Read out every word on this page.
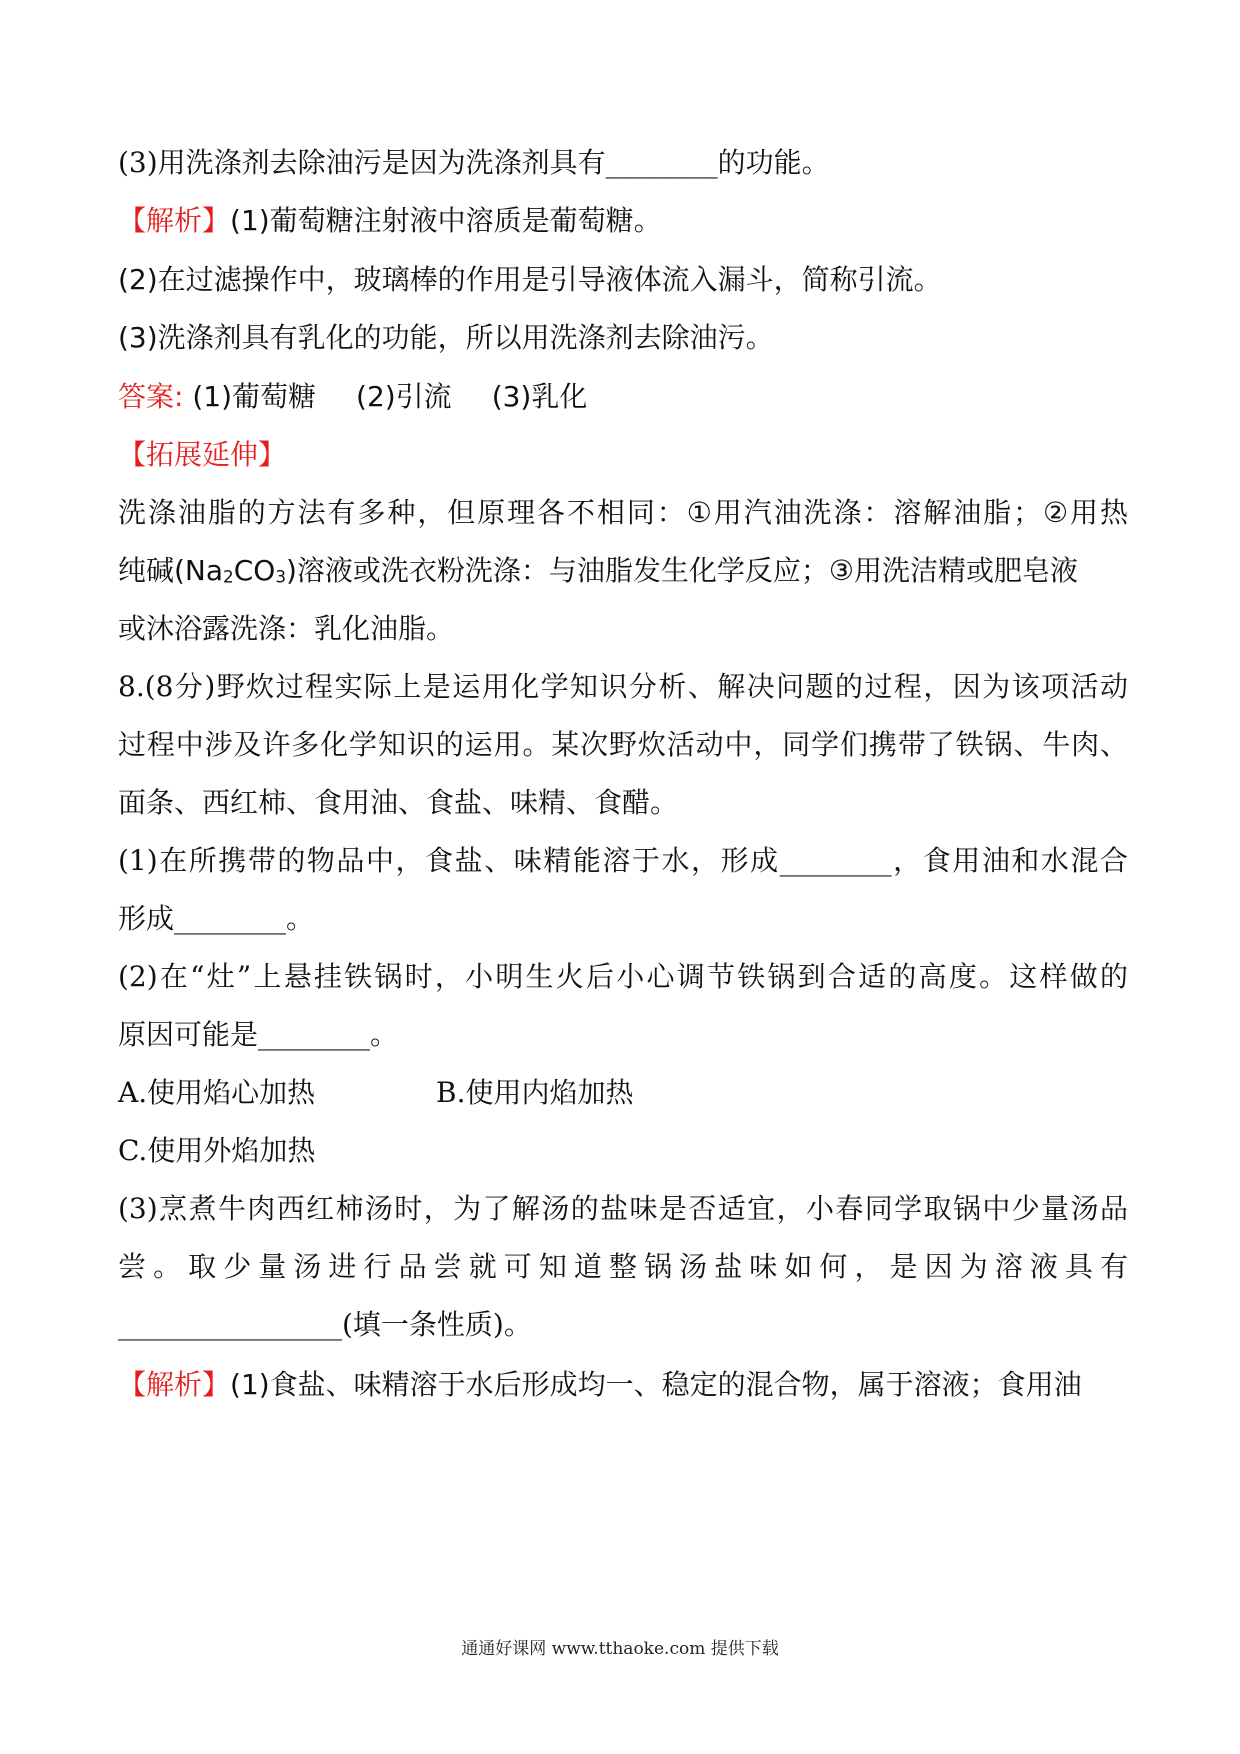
(3)用洗涤剂去除油污是因为洗涤剂具有________的功能。
【解析】(1)葡萄糖注射液中溶质是葡萄糖。
(2)在过滤操作中，玻璃棒的作用是引导液体流入漏斗，简称引流。
(3)洗涤剂具有乳化的功能，所以用洗涤剂去除油污。
答案: (1)葡萄糖 (2)引流 (3)乳化
【拓展延伸】
洗涤油脂的方法有多种，但原理各不相同：①用汽油洗涤：溶解油脂；②用热
纯碱$(Na_2CO_3)$溶液或洗衣粉洗涤：与油脂发生化学反应；③用洗洁精或肥皂液
或沐浴露洗涤：乳化油脂。
8.(8分)野炊过程实际上是运用化学知识分析、解决问题的过程，因为该项活动
过程中涉及许多化学知识的运用。某次野炊活动中，同学们携带了铁锅、牛肉、
面条、西红柿、食用油、食盐、味精、食醋。
(1)在所携带的物品中，食盐、味精能溶于水，形成________，食用油和水混合
形成________。
(2)在“灶”上悬挂铁锅时，小明生火后小心调节铁锅到合适的高度。这样做的
原因可能是________。
A.使用焰心加热	B.使用内焰加热
C.使用外焰加热
(3)烹煮牛肉西红柿汤时，为了解汤的盐味是否适宜，小春同学取锅中少量汤品
尝。取少量汤进行品尝就可知道整锅汤盐味如何，是因为溶液具有
________________(填一条性质)。
【解析】(1)食盐、味精溶于水后形成均一、稳定的混合物，属于溶液；食用油
通通好课网 www.tthaoke.com 提供下载
